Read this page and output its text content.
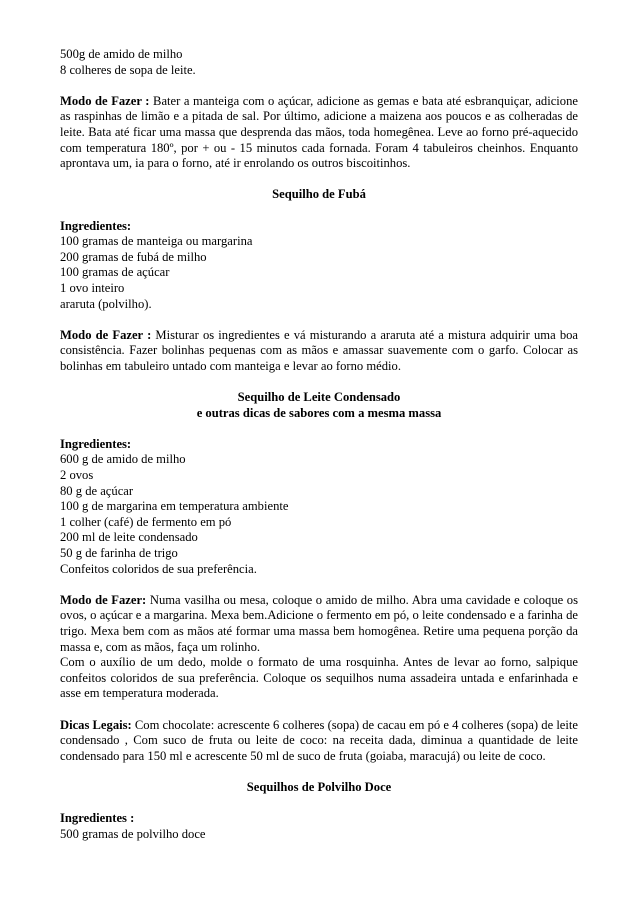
500g de amido de milho
8 colheres de sopa de leite.

Modo de Fazer : Bater a manteiga com o açúcar, adicione as gemas e bata até esbranquiçar, adicione as raspinhas de limão e a pitada de sal. Por último, adicione a maizena aos poucos e as colheradas de leite. Bata até ficar uma massa que desprenda das mãos, toda homegênea. Leve ao forno pré-aquecido com temperatura 180º, por + ou - 15 minutos cada fornada. Foram 4 tabuleiros cheinhos. Enquanto aprontava um, ia para o forno, até ir enrolando os outros biscoitinhos.

Sequilho de Fubá
Ingredientes:
100 gramas de manteiga ou margarina
200 gramas de fubá de milho
100 gramas de açúcar
1 ovo inteiro
araruta (polvilho).

Modo de Fazer : Misturar os ingredientes e vá misturando a araruta até a mistura adquirir uma boa consistência. Fazer bolinhas pequenas com as mãos e amassar suavemente com o garfo. Colocar as bolinhas em tabuleiro untado com manteiga e levar ao forno médio.

Sequilho de Leite Condensado
e outras dicas de sabores com a mesma massa
Ingredientes:
600 g de amido de milho
2 ovos
80 g de açúcar
100 g de margarina em temperatura ambiente
1 colher (café) de fermento em pó
200 ml de leite condensado
50 g de farinha de trigo
Confeitos coloridos de sua preferência.

Modo de Fazer: Numa vasilha ou mesa, coloque o amido de milho. Abra uma cavidade e coloque os ovos, o açúcar e a margarina. Mexa bem.Adicione o fermento em pó, o leite condensado e a farinha de trigo. Mexa bem com as mãos até formar uma massa bem homogênea. Retire uma pequena porção da massa e, com as mãos, faça um rolinho.

Com o auxílio de um dedo, molde o formato de uma rosquinha. Antes de levar ao forno, salpique confeitos coloridos de sua preferência. Coloque os sequilhos numa assadeira untada e enfarinhada e asse em temperatura moderada.

Dicas Legais: Com chocolate: acrescente 6 colheres (sopa) de cacau em pó e 4 colheres (sopa) de leite condensado , Com suco de fruta ou leite de coco: na receita dada, diminua a quantidade de leite condensado para 150 ml e acrescente 50 ml de suco de fruta (goiaba, maracujá) ou leite de coco.

Sequilhos de Polvilho Doce
Ingredientes :
500 gramas de polvilho doce
